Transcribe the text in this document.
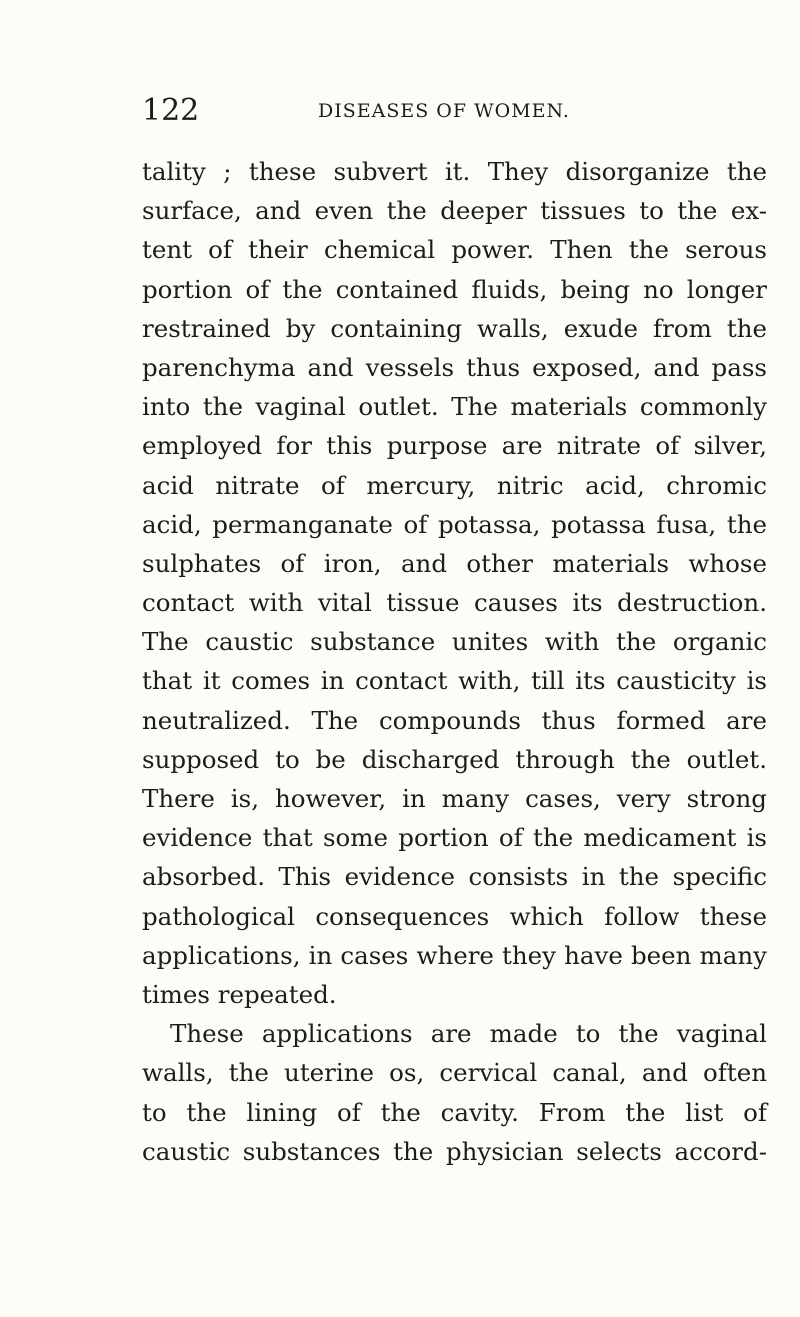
122	DISEASES OF WOMEN.
tality ; these subvert it. They disorganize the
surface, and even the deeper tissues to the ex-
tent of their chemical power. Then the serous
portion of the contained fluids, being no longer
restrained by containing walls, exude from the
parenchyma and vessels thus exposed, and pass
into the vaginal outlet. The materials commonly
employed for this purpose are nitrate of silver,
acid nitrate of mercury, nitric acid, chromic
acid, permanganate of potassa, potassa fusa, the
sulphates of iron, and other materials whose
contact with vital tissue causes its destruction.
The caustic substance unites with the organic
that it comes in contact with, till its causticity is
neutralized. The compounds thus formed are
supposed to be discharged through the outlet.
There is, however, in many cases, very strong
evidence that some portion of the medicament is
absorbed. This evidence consists in the specific
pathological consequences which follow these
applications, in cases where they have been many
times repeated.
These applications are made to the vaginal
walls, the uterine os, cervical canal, and often
to the lining of the cavity. From the list of
caustic substances the physician selects accord-
